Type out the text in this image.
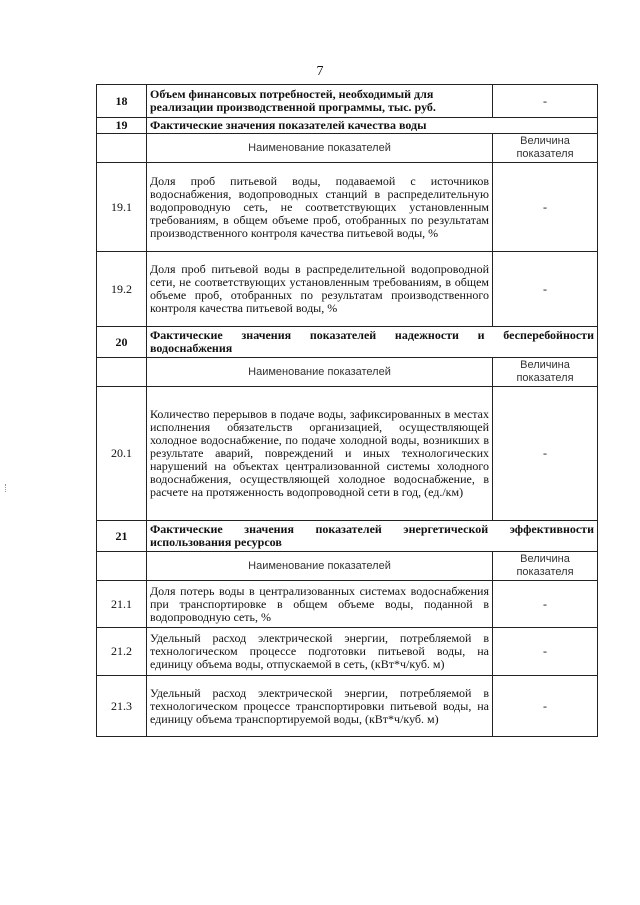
7
18	Объем финансовых потребностей, необходимый для реализации производственной программы, тыс. руб.	-
19	Фактические значения показателей качества воды	
	Наименование показателей	Величина показателя
19.1	Доля проб питьевой воды, подаваемой с источников водоснабжения, водопроводных станций в распределительную водопроводную сеть, не соответствующих установленным требованиям, в общем объеме проб, отобранных по результатам производственного контроля качества питьевой воды, %	-
19.2	Доля проб питьевой воды в распределительной водопроводной сети, не соответствующих установленным требованиям, в общем объеме проб, отобранных по результатам производственного контроля качества питьевой воды, %	-
20	Фактические значения показателей надежности и бесперебойности водоснабжения	
	Наименование показателей	Величина показателя
20.1	Количество перерывов в подаче воды, зафиксированных в местах исполнения обязательств организацией, осуществляющей холодное водоснабжение, по подаче холодной воды, возникших в результате аварий, повреждений и иных технологических нарушений на объектах централизованной системы холодного водоснабжения, осуществляющей холодное водоснабжение, в расчете на протяженность водопроводной сети в год, (ед./км)	-
21	Фактические значения показателей энергетической эффективности использования ресурсов	
	Наименование показателей	Величина показателя
21.1	Доля потерь воды в централизованных системах водоснабжения при транспортировке в общем объеме воды, поданной в водопроводную сеть, %	-
21.2	Удельный расход электрической энергии, потребляемой в технологическом процессе подготовки питьевой воды, на единицу объема воды, отпускаемой в сеть, (кВт*ч/куб. м)	-
21.3	Удельный расход электрической энергии, потребляемой в технологическом процессе транспортировки питьевой воды, на единицу объема транспортируемой воды, (кВт*ч/куб. м)	-
